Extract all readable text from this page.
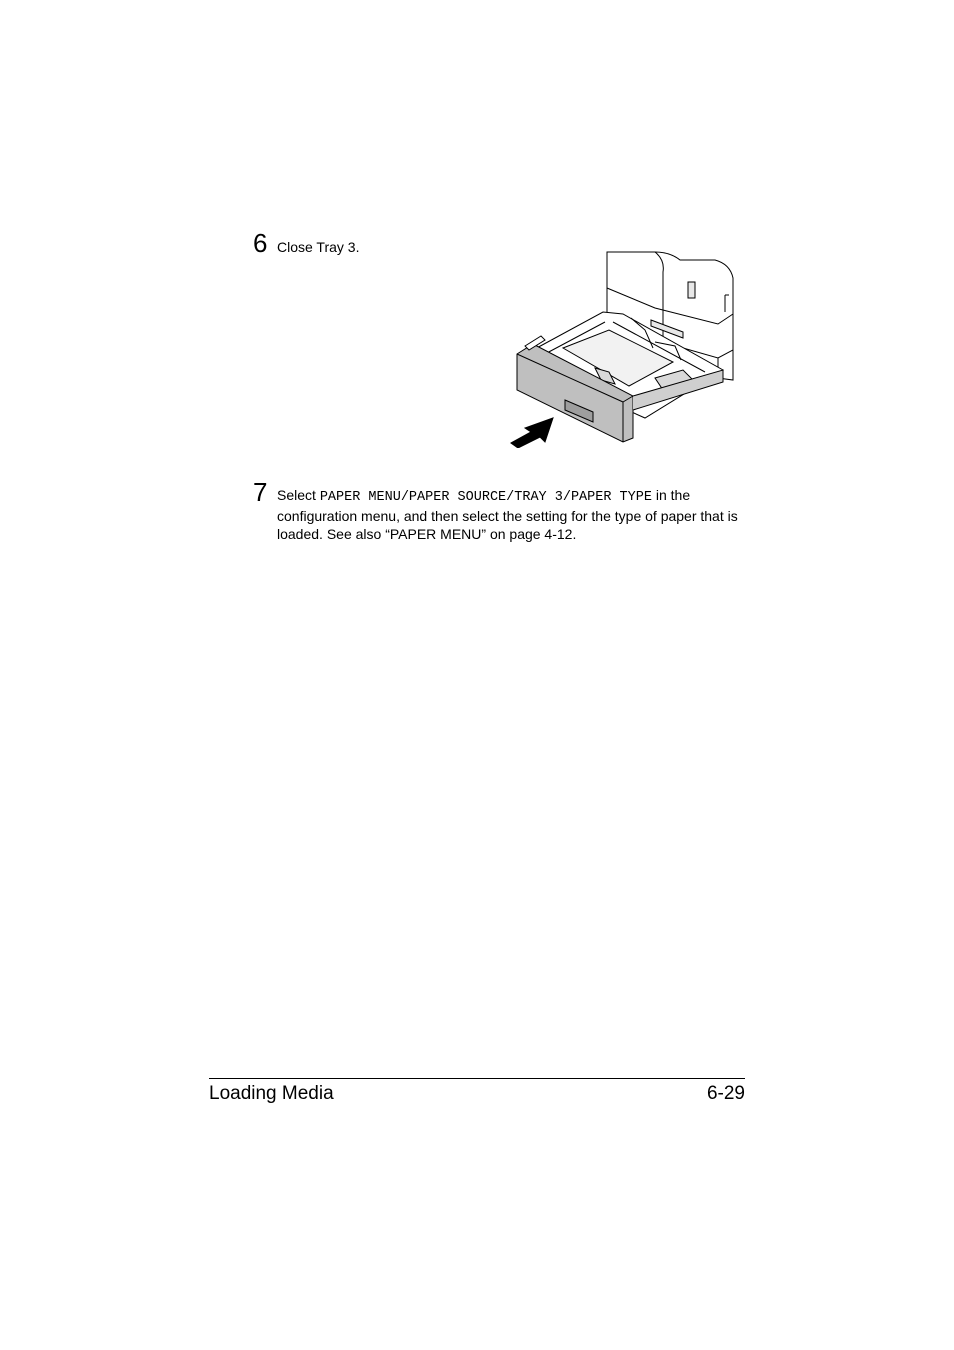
6 Close Tray 3.
7 Select PAPER MENU/PAPER SOURCE/TRAY 3/PAPER TYPE in the configuration menu, and then select the setting for the type of paper that is loaded. See also “PAPER MENU” on page 4-12.
Loading Media	6-29
